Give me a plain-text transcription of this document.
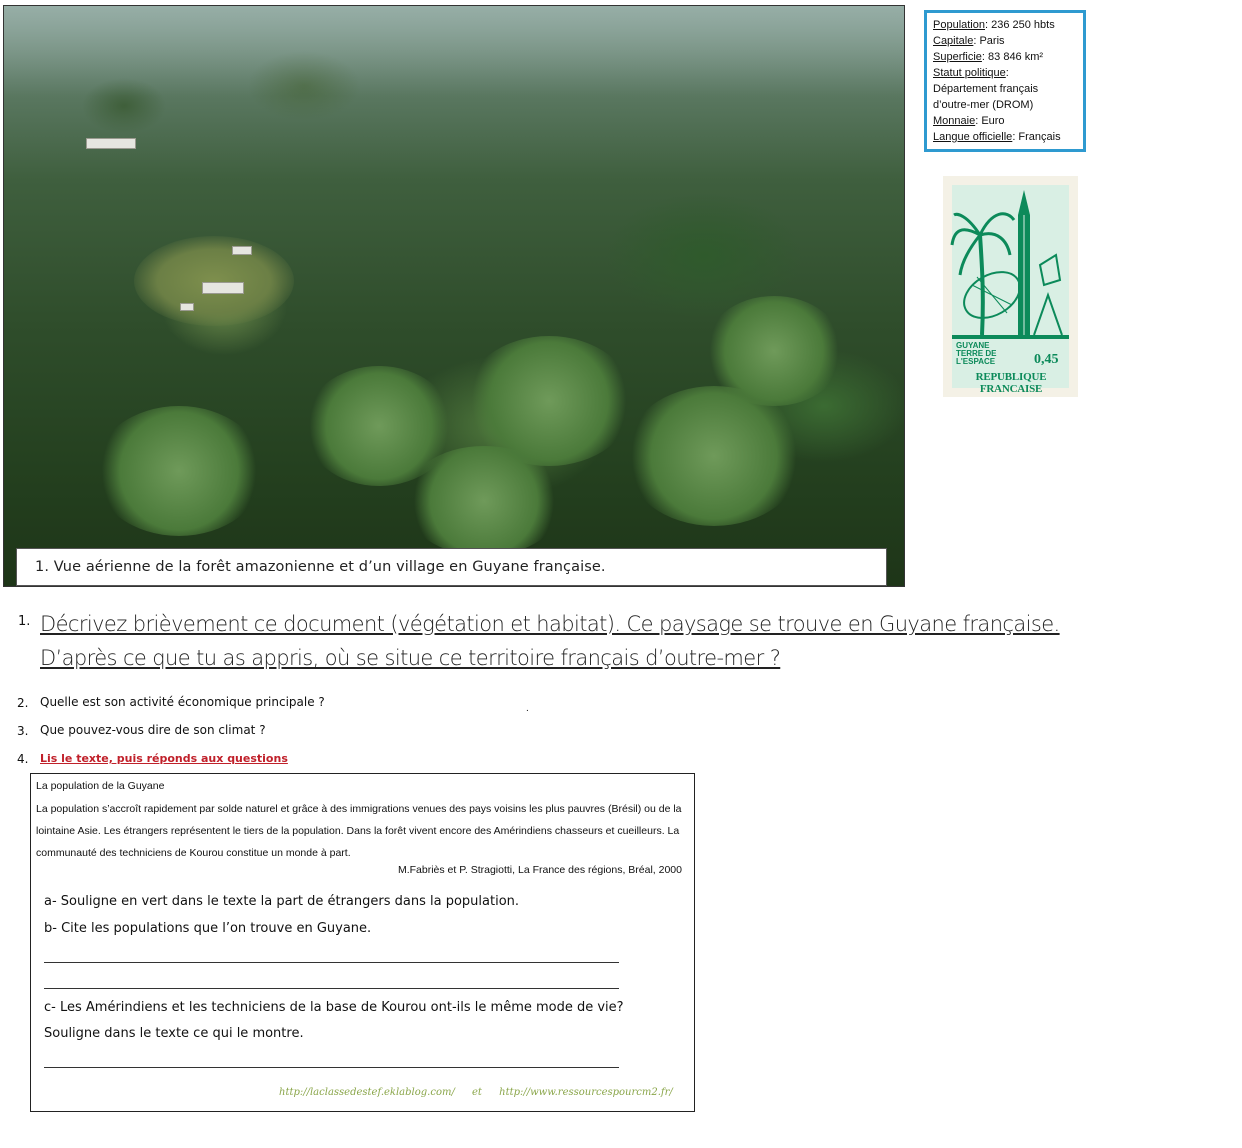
1. Vue aérienne de la forêt amazonienne et d’un village en Guyane française.
Population: 236 250 hbts
Capitale: Paris
Superficie: 83 846 km²
Statut politique:
Département français
d’outre-mer (DROM)
Monnaie: Euro
Langue officielle: Français
GUYANE
TERRE DE
L'ESPACE	0,45
REPUBLIQUE FRANCAISE
1. Décrivez brièvement ce document (végétation et habitat). Ce paysage se trouve en Guyane française. D’après ce que tu as appris, où se situe ce territoire français d’outre-mer ?
2. Quelle est son activité économique principale ?	.
3. Que pouvez-vous dire de son climat ?
4. Lis le texte, puis réponds aux questions
La population de la Guyane
La population s’accroît rapidement par solde naturel et grâce à des immigrations venues des pays voisins les plus pauvres (Brésil) ou de la lointaine Asie. Les étrangers représentent le tiers de la population. Dans la forêt vivent encore des Amérindiens chasseurs et cueilleurs. La communauté des techniciens de Kourou constitue un monde à part.
M.Fabriès et P. Stragiotti, La France des régions, Bréal, 2000
a- Souligne en vert dans le texte la part de étrangers dans la population.
b- Cite les populations que l’on trouve en Guyane.
c- Les Amérindiens et les techniciens de la base de Kourou ont-ils le même mode de vie?
Souligne dans le texte ce qui le montre.
http://laclassedestef.eklablog.com/ et http://www.ressourcespourcm2.fr/
